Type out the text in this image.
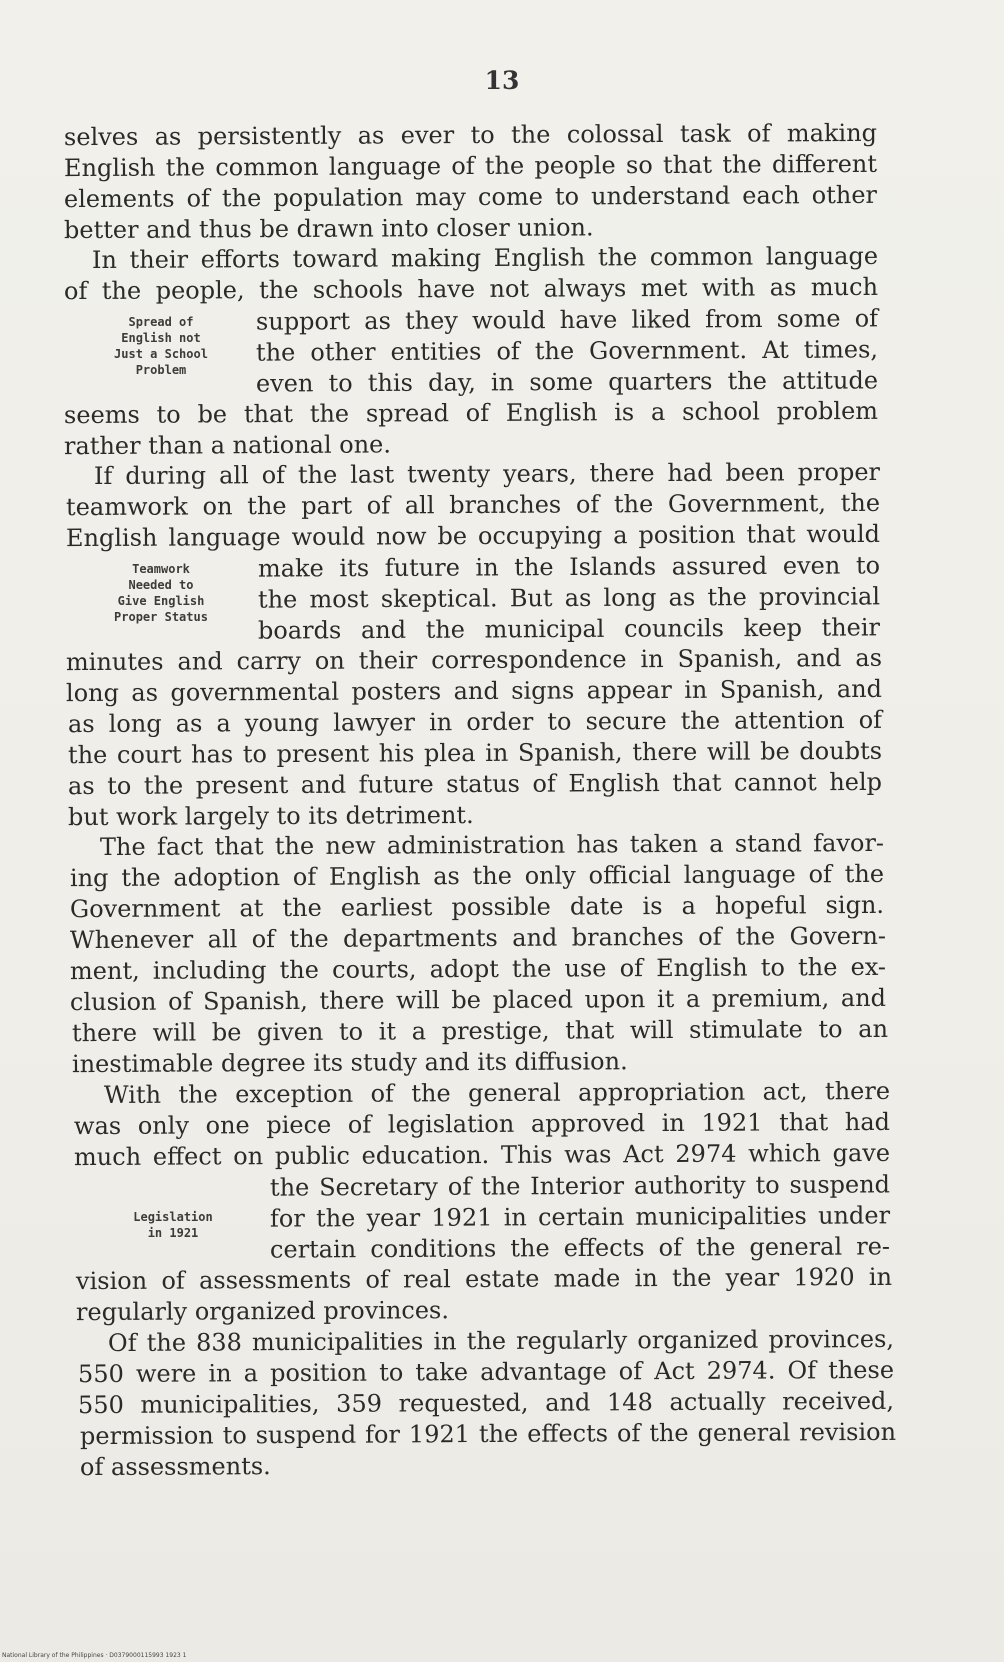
13
selves as persistently as ever to the colossal task of making
English the common language of the people so that the different
elements of the population may come to understand each other
better and thus be drawn into closer union.
In their efforts toward making English the common language
of the people, the schools have not always met with as much
support as they would have liked from some of
the other entities of the Government. At times,
even to this day, in some quarters the attitude
seems to be that the spread of English is a school problem
rather than a national one.
Spread of
English not
Just a School
Problem
If during all of the last twenty years, there had been proper
teamwork on the part of all branches of the Government, the
English language would now be occupying a position that would
make its future in the Islands assured even to
the most skeptical. But as long as the provincial
boards and the municipal councils keep their
minutes and carry on their correspondence in Spanish, and as
long as governmental posters and signs appear in Spanish, and
as long as a young lawyer in order to secure the attention of
the court has to present his plea in Spanish, there will be doubts
as to the present and future status of English that cannot help
but work largely to its detriment.
Teamwork
Needed to
Give English
Proper Status
The fact that the new administration has taken a stand favor-
ing the adoption of English as the only official language of the
Government at the earliest possible date is a hopeful sign.
Whenever all of the departments and branches of the Govern-
ment, including the courts, adopt the use of English to the ex-
clusion of Spanish, there will be placed upon it a premium, and
there will be given to it a prestige, that will stimulate to an
inestimable degree its study and its diffusion.
With the exception of the general appropriation act, there
was only one piece of legislation approved in 1921 that had
much effect on public education. This was Act 2974 which gave
the Secretary of the Interior authority to suspend
for the year 1921 in certain municipalities under
certain conditions the effects of the general re-
vision of assessments of real estate made in the year 1920 in
regularly organized provinces.
Legislation
in 1921
Of the 838 municipalities in the regularly organized provinces,
550 were in a position to take advantage of Act 2974. Of these
550 municipalities, 359 requested, and 148 actually received,
permission to suspend for 1921 the effects of the general revision
of assessments.
National Library of the Philippines · D0379000115993 1923 1
